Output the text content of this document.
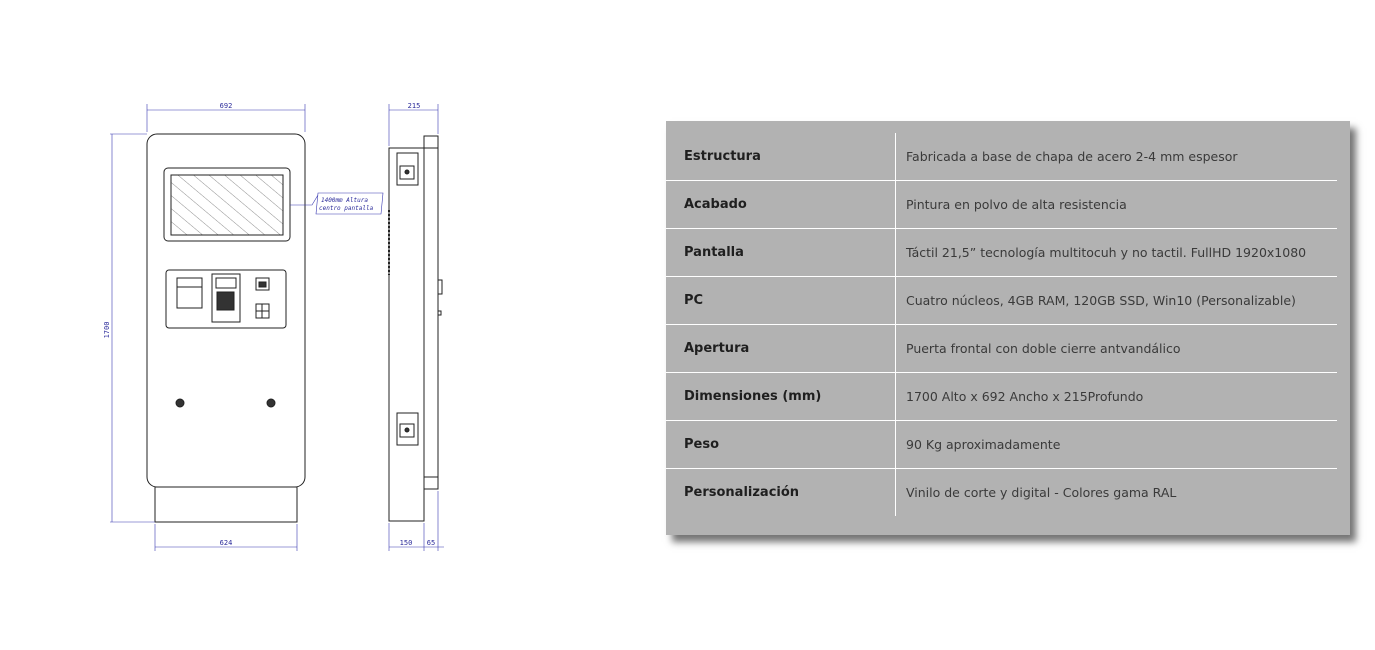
692
1700
624
1400mm Altura
centro pantalla
215
150 65
Estructura	Fabricada a base de chapa de acero 2-4 mm espesor
Acabado	Pintura en polvo de alta resistencia
Pantalla	Táctil 21,5” tecnología multitocuh y no tactil. FullHD 1920x1080
PC	Cuatro núcleos, 4GB RAM, 120GB SSD, Win10 (Personalizable)
Apertura	Puerta frontal con doble cierre antvandálico
Dimensiones (mm)	1700 Alto x 692 Ancho x 215Profundo
Peso	90 Kg aproximadamente
Personalización	Vinilo de corte y digital - Colores gama RAL
